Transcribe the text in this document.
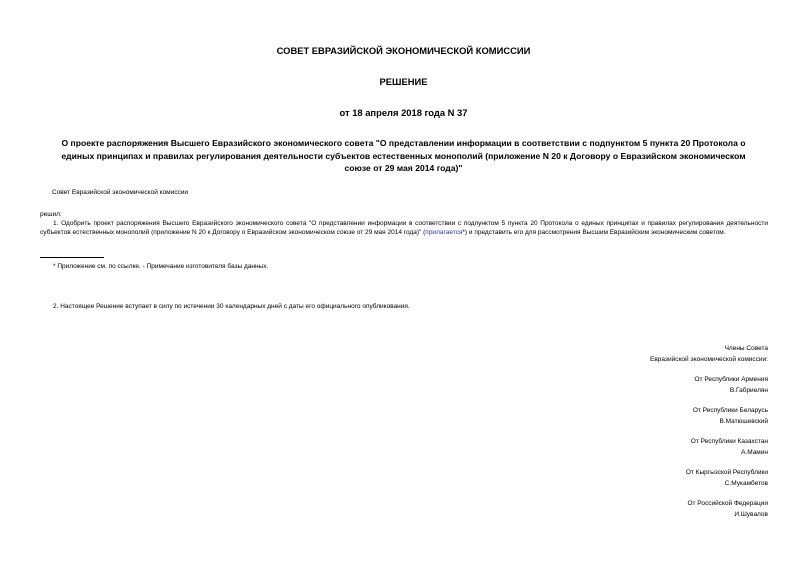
СОВЕТ ЕВРАЗИЙСКОЙ ЭКОНОМИЧЕСКОЙ КОМИССИИ
РЕШЕНИЕ
от 18 апреля 2018 года N 37
О проекте распоряжения Высшего Евразийского экономического совета "О представлении информации в соответствии с подпунктом 5 пункта 20 Протокола о
единых принципах и правилах регулирования деятельности субъектов естественных монополий (приложение N 20 к Договору о Евразийском экономическом
союзе от 29 мая 2014 года)"
Совет Евразийской экономической комиссии
решил:
1. Одобрить проект распоряжения Высшего Евразийского экономического совета "О представлении информации в соответствии с подпунктом 5 пункта 20 Протокола о единых принципах и правилах регулирования деятельности субъектов естественных монополий (приложение N 20 к Договору о Евразийском экономическом союзе от 29 мая 2014 года)" (прилагается*) и представить его для рассмотрения Высшим Евразийским экономическим советом.
* Приложение см. по ссылке. - Примечание изготовителя базы данных.
2. Настоящее Решение вступает в силу по истечении 30 календарных дней с даты его официального опубликования.
Члены Совета
Евразийской экономической комиссии:
От Республики Армения
В.Габриелян
От Республики Беларусь
В.Матюшевский
От Республики Казахстан
А.Мамин
От Кыргызской Республики
С.Мукамбетов
От Российской Федерации
И.Шувалов
